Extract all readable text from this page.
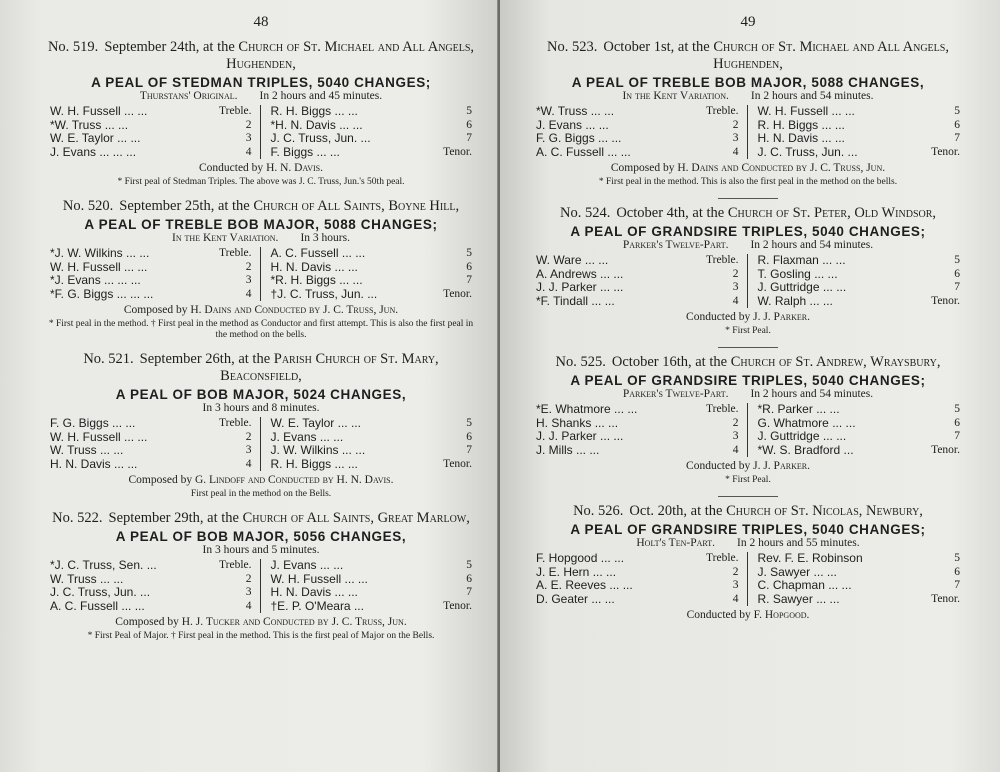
48
No. 519. September 24th, at the Church of St. Michael and All Angels, Hughenden,
A PEAL OF STEDMAN TRIPLES, 5040 CHANGES;
Thurstans' Original. In 2 hours and 45 minutes.
W. H. Fussell ... ...	Treble.
*W. Truss ... ...	2
W. E. Taylor ... ...	3
J. Evans ... ... ...	4
R. H. Biggs ... ...	5
*H. N. Davis ... ...	6
J. C. Truss, Jun. ...	7
F. Biggs ... ...	Tenor.
Conducted by H. N. Davis.
* First peal of Stedman Triples. The above was J. C. Truss, Jun.'s 50th peal.
No. 520. September 25th, at the Church of All Saints, Boyne Hill,
A PEAL OF TREBLE BOB MAJOR, 5088 CHANGES;
In the Kent Variation. In 3 hours.
*J. W. Wilkins ... ...	Treble.
W. H. Fussell ... ...	2
*J. Evans ... ... ...	3
*F. G. Biggs ... ... ...	4
A. C. Fussell ... ...	5
H. N. Davis ... ...	6
*R. H. Biggs ... ...	7
†J. C. Truss, Jun. ...	Tenor.
Composed by H. Dains and Conducted by J. C. Truss, Jun.
* First peal in the method. † First peal in the method as Conductor and first attempt. This is also the first peal in the method on the bells.
No. 521. September 26th, at the Parish Church of St. Mary, Beaconsfield,
A PEAL OF BOB MAJOR, 5024 CHANGES,
In 3 hours and 8 minutes.
F. G. Biggs ... ...	Treble.
W. H. Fussell ... ...	2
W. Truss ... ...	3
H. N. Davis ... ...	4
W. E. Taylor ... ...	5
J. Evans ... ...	6
J. W. Wilkins ... ...	7
R. H. Biggs ... ...	Tenor.
Composed by G. Lindoff and Conducted by H. N. Davis.
First peal in the method on the Bells.
No. 522. September 29th, at the Church of All Saints, Great Marlow,
A PEAL OF BOB MAJOR, 5056 CHANGES,
In 3 hours and 5 minutes.
*J. C. Truss, Sen. ...	Treble.
W. Truss ... ...	2
J. C. Truss, Jun. ...	3
A. C. Fussell ... ...	4
J. Evans ... ...	5
W. H. Fussell ... ...	6
H. N. Davis ... ...	7
†E. P. O'Meara ...	Tenor.
Composed by H. J. Tucker and Conducted by J. C. Truss, Jun.
* First Peal of Major. † First peal in the method. This is the first peal of Major on the Bells.
49
No. 523. October 1st, at the Church of St. Michael and All Angels, Hughenden,
A PEAL OF TREBLE BOB MAJOR, 5088 CHANGES,
In the Kent Variation. In 2 hours and 54 minutes.
*W. Truss ... ...	Treble.
J. Evans ... ...	2
F. G. Biggs ... ...	3
A. C. Fussell ... ...	4
W. H. Fussell ... ...	5
R. H. Biggs ... ...	6
H. N. Davis ... ...	7
J. C. Truss, Jun. ...	Tenor.
Composed by H. Dains and Conducted by J. C. Truss, Jun.
* First peal in the method. This is also the first peal in the method on the bells.
No. 524. October 4th, at the Church of St. Peter, Old Windsor,
A PEAL OF GRANDSIRE TRIPLES, 5040 CHANGES;
Parker's Twelve-Part. In 2 hours and 54 minutes.
W. Ware ... ...	Treble.
A. Andrews ... ...	2
J. J. Parker ... ...	3
*F. Tindall ... ...	4
R. Flaxman ... ...	5
T. Gosling ... ...	6
J. Guttridge ... ...	7
W. Ralph ... ...	Tenor.
Conducted by J. J. Parker.
* First Peal.
No. 525. October 16th, at the Church of St. Andrew, Wraysbury,
A PEAL OF GRANDSIRE TRIPLES, 5040 CHANGES;
Parker's Twelve-Part. In 2 hours and 54 minutes.
*E. Whatmore ... ...	Treble.
H. Shanks ... ...	2
J. J. Parker ... ...	3
J. Mills ... ...	4
*R. Parker ... ...	5
G. Whatmore ... ...	6
J. Guttridge ... ...	7
*W. S. Bradford ...	Tenor.
Conducted by J. J. Parker.
* First Peal.
No. 526. Oct. 20th, at the Church of St. Nicolas, Newbury,
A PEAL OF GRANDSIRE TRIPLES, 5040 CHANGES;
Holt's Ten-Part. In 2 hours and 55 minutes.
F. Hopgood ... ...	Treble.
J. E. Hern ... ...	2
A. E. Reeves ... ...	3
D. Geater ... ...	4
Rev. F. E. Robinson	5
J. Sawyer ... ...	6
C. Chapman ... ...	7
R. Sawyer ... ...	Tenor.
Conducted by F. Hopgood.
